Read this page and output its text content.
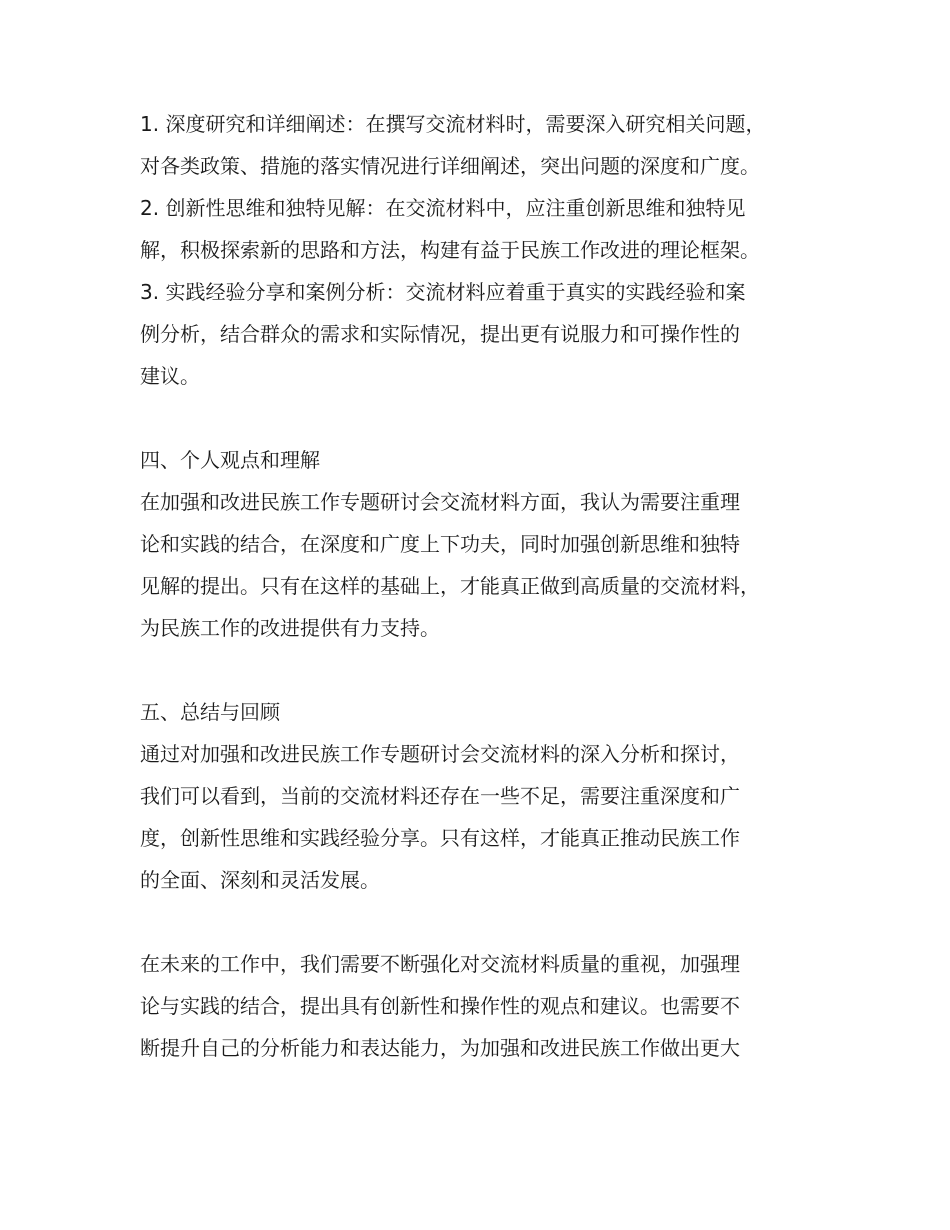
1. 深度研究和详细阐述：在撰写交流材料时，需要深入研究相关问题，
对各类政策、措施的落实情况进行详细阐述，突出问题的深度和广度。
2. 创新性思维和独特见解：在交流材料中，应注重创新思维和独特见
解，积极探索新的思路和方法，构建有益于民族工作改进的理论框架。
3. 实践经验分享和案例分析：交流材料应着重于真实的实践经验和案
例分析，结合群众的需求和实际情况，提出更有说服力和可操作性的
建议。
四、个人观点和理解
在加强和改进民族工作专题研讨会交流材料方面，我认为需要注重理
论和实践的结合，在深度和广度上下功夫，同时加强创新思维和独特
见解的提出。只有在这样的基础上，才能真正做到高质量的交流材料，
为民族工作的改进提供有力支持。
五、总结与回顾
通过对加强和改进民族工作专题研讨会交流材料的深入分析和探讨，
我们可以看到，当前的交流材料还存在一些不足，需要注重深度和广
度，创新性思维和实践经验分享。只有这样，才能真正推动民族工作
的全面、深刻和灵活发展。
在未来的工作中，我们需要不断强化对交流材料质量的重视，加强理
论与实践的结合，提出具有创新性和操作性的观点和建议。也需要不
断提升自己的分析能力和表达能力，为加强和改进民族工作做出更大
